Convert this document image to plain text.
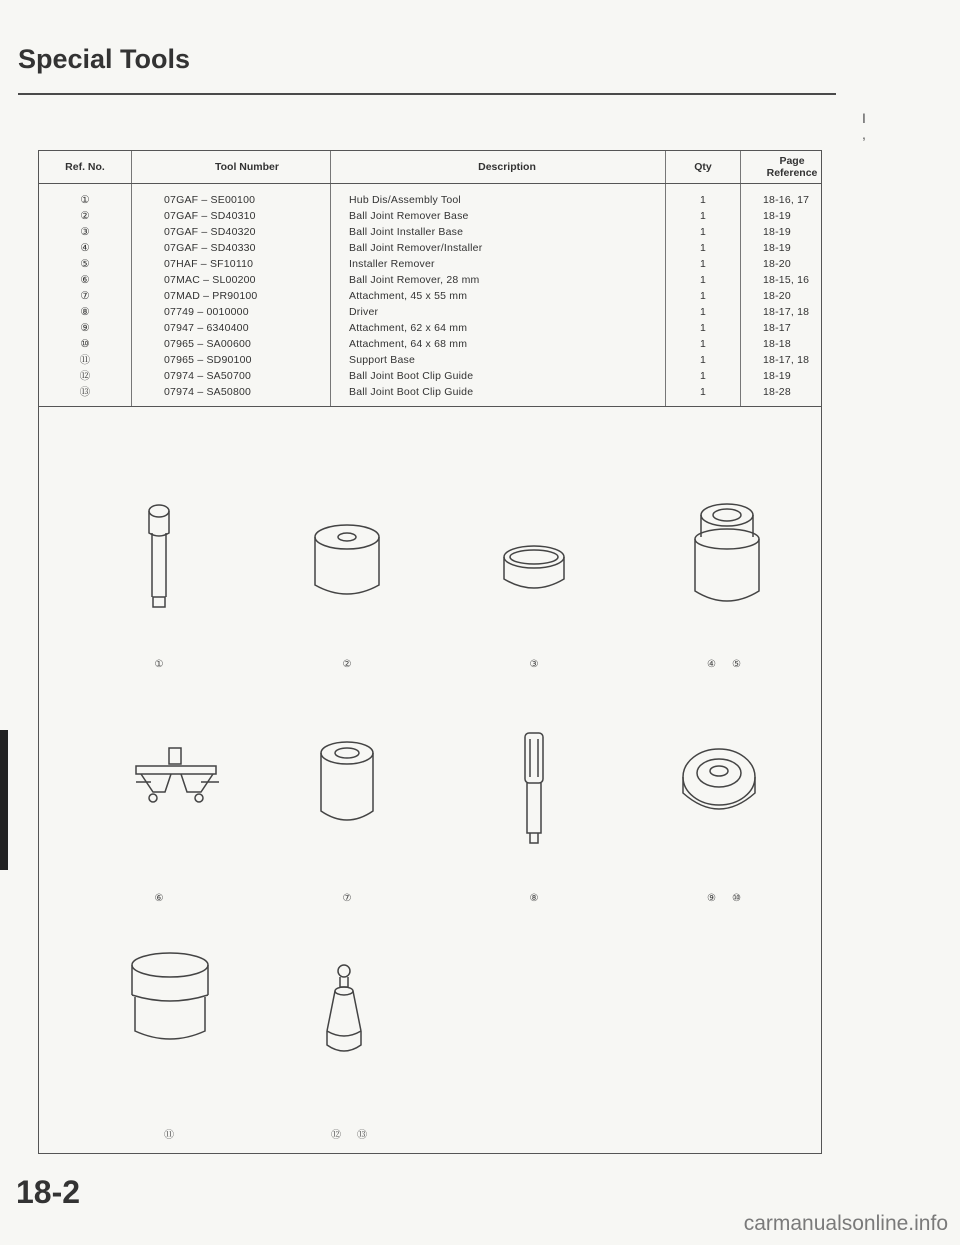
Special Tools
I ,
Ref. No.	Tool Number	Description	Qty	Page Reference
①	07GAF – SE00100	Hub Dis/Assembly Tool	1	18-16, 17
②	07GAF – SD40310	Ball Joint Remover Base	1	18-19
③	07GAF – SD40320	Ball Joint Installer Base	1	18-19
④	07GAF – SD40330	Ball Joint Remover/Installer	1	18-19
⑤	07HAF – SF10110	Installer Remover	1	18-20
⑥	07MAC – SL00200	Ball Joint Remover, 28 mm	1	18-15, 16
⑦	07MAD – PR90100	Attachment, 45 x 55 mm	1	18-20
⑧	07749 – 0010000	Driver	1	18-17, 18
⑨	07947 – 6340400	Attachment, 62 x 64 mm	1	18-17
⑩	07965 – SA00600	Attachment, 64 x 68 mm	1	18-18
⑪	07965 – SD90100	Support Base	1	18-17, 18
⑫	07974 – SA50700	Ball Joint Boot Clip Guide	1	18-19
⑬	07974 – SA50800	Ball Joint Boot Clip Guide	1	18-28
①	②	③	④ ⑤
⑥	⑦	⑧	⑨ ⑩
⑪	⑫ ⑬
18-2
carmanualsonline.info
